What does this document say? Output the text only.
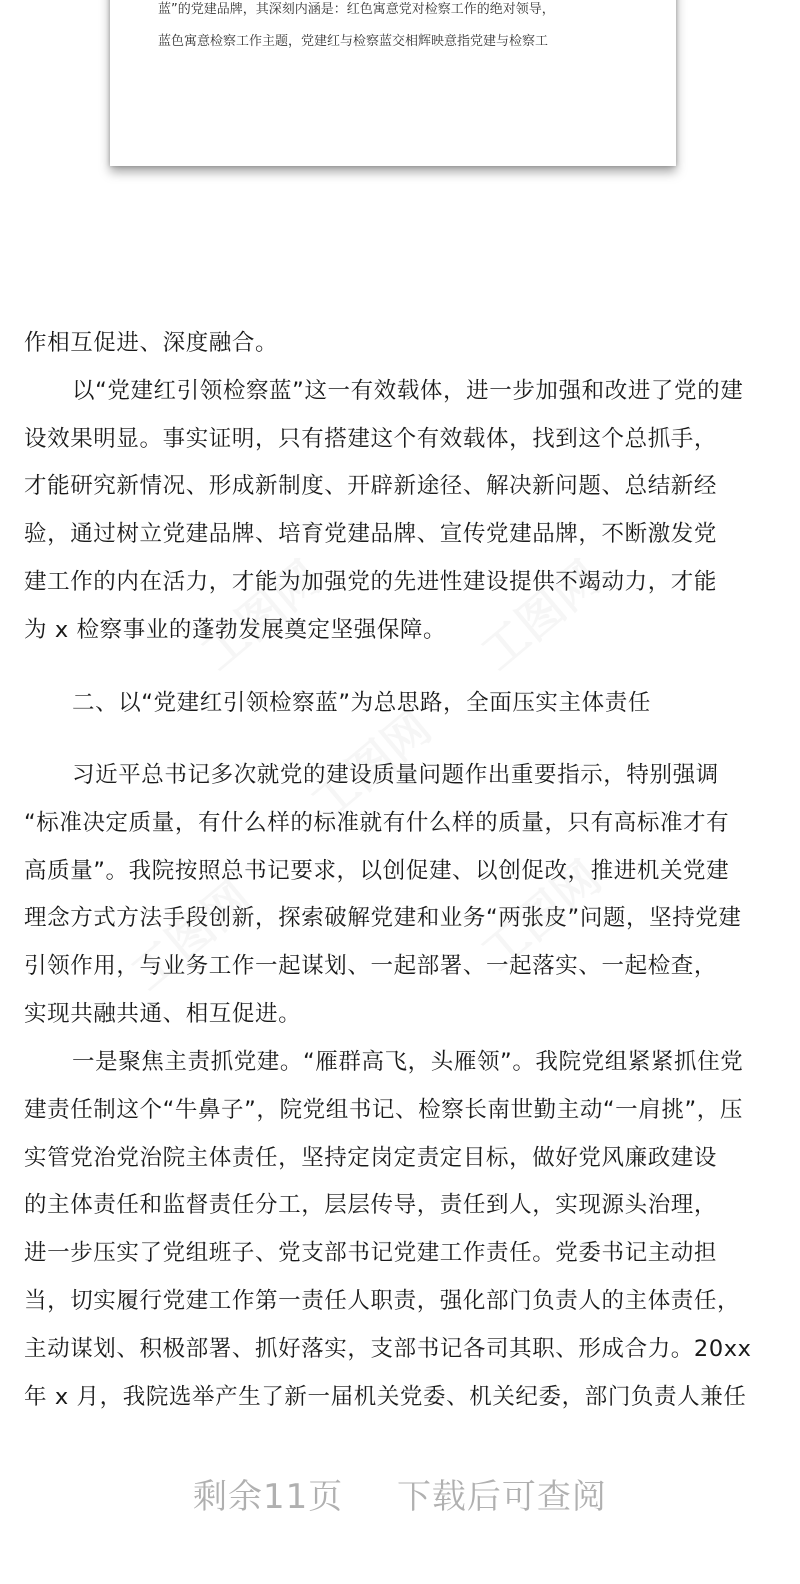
蓝”的党建品牌，其深刻内涵是：红色寓意党对检察工作的绝对领导，
蓝色寓意检察工作主题，党建红与检察蓝交相辉映意指党建与检察工
作相互促进、深度融合。
以“党建红引领检察蓝”这一有效载体，进一步加强和改进了党的建
设效果明显。事实证明，只有搭建这个有效载体，找到这个总抓手，
才能研究新情况、形成新制度、开辟新途径、解决新问题、总结新经
验，通过树立党建品牌、培育党建品牌、宣传党建品牌，不断激发党
建工作的内在活力，才能为加强党的先进性建设提供不竭动力，才能
为 x 检察事业的蓬勃发展奠定坚强保障。
二、以“党建红引领检察蓝”为总思路，全面压实主体责任
习近平总书记多次就党的建设质量问题作出重要指示，特别强调
“标准决定质量，有什么样的标准就有什么样的质量，只有高标准才有
高质量”。我院按照总书记要求，以创促建、以创促改，推进机关党建
理念方式方法手段创新，探索破解党建和业务“两张皮”问题，坚持党建
引领作用，与业务工作一起谋划、一起部署、一起落实、一起检查，
实现共融共通、相互促进。
一是聚焦主责抓党建。“雁群高飞，头雁领”。我院党组紧紧抓住党
建责任制这个“牛鼻子”，院党组书记、检察长南世勤主动“一肩挑”，压
实管党治党治院主体责任，坚持定岗定责定目标，做好党风廉政建设
的主体责任和监督责任分工，层层传导，责任到人，实现源头治理，
进一步压实了党组班子、党支部书记党建工作责任。党委书记主动担
当，切实履行党建工作第一责任人职责，强化部门负责人的主体责任，
主动谋划、积极部署、抓好落实，支部书记各司其职、形成合力。20xx
年 x 月，我院选举产生了新一届机关党委、机关纪委，部门负责人兼任
剩余11页 下载后可查阅
